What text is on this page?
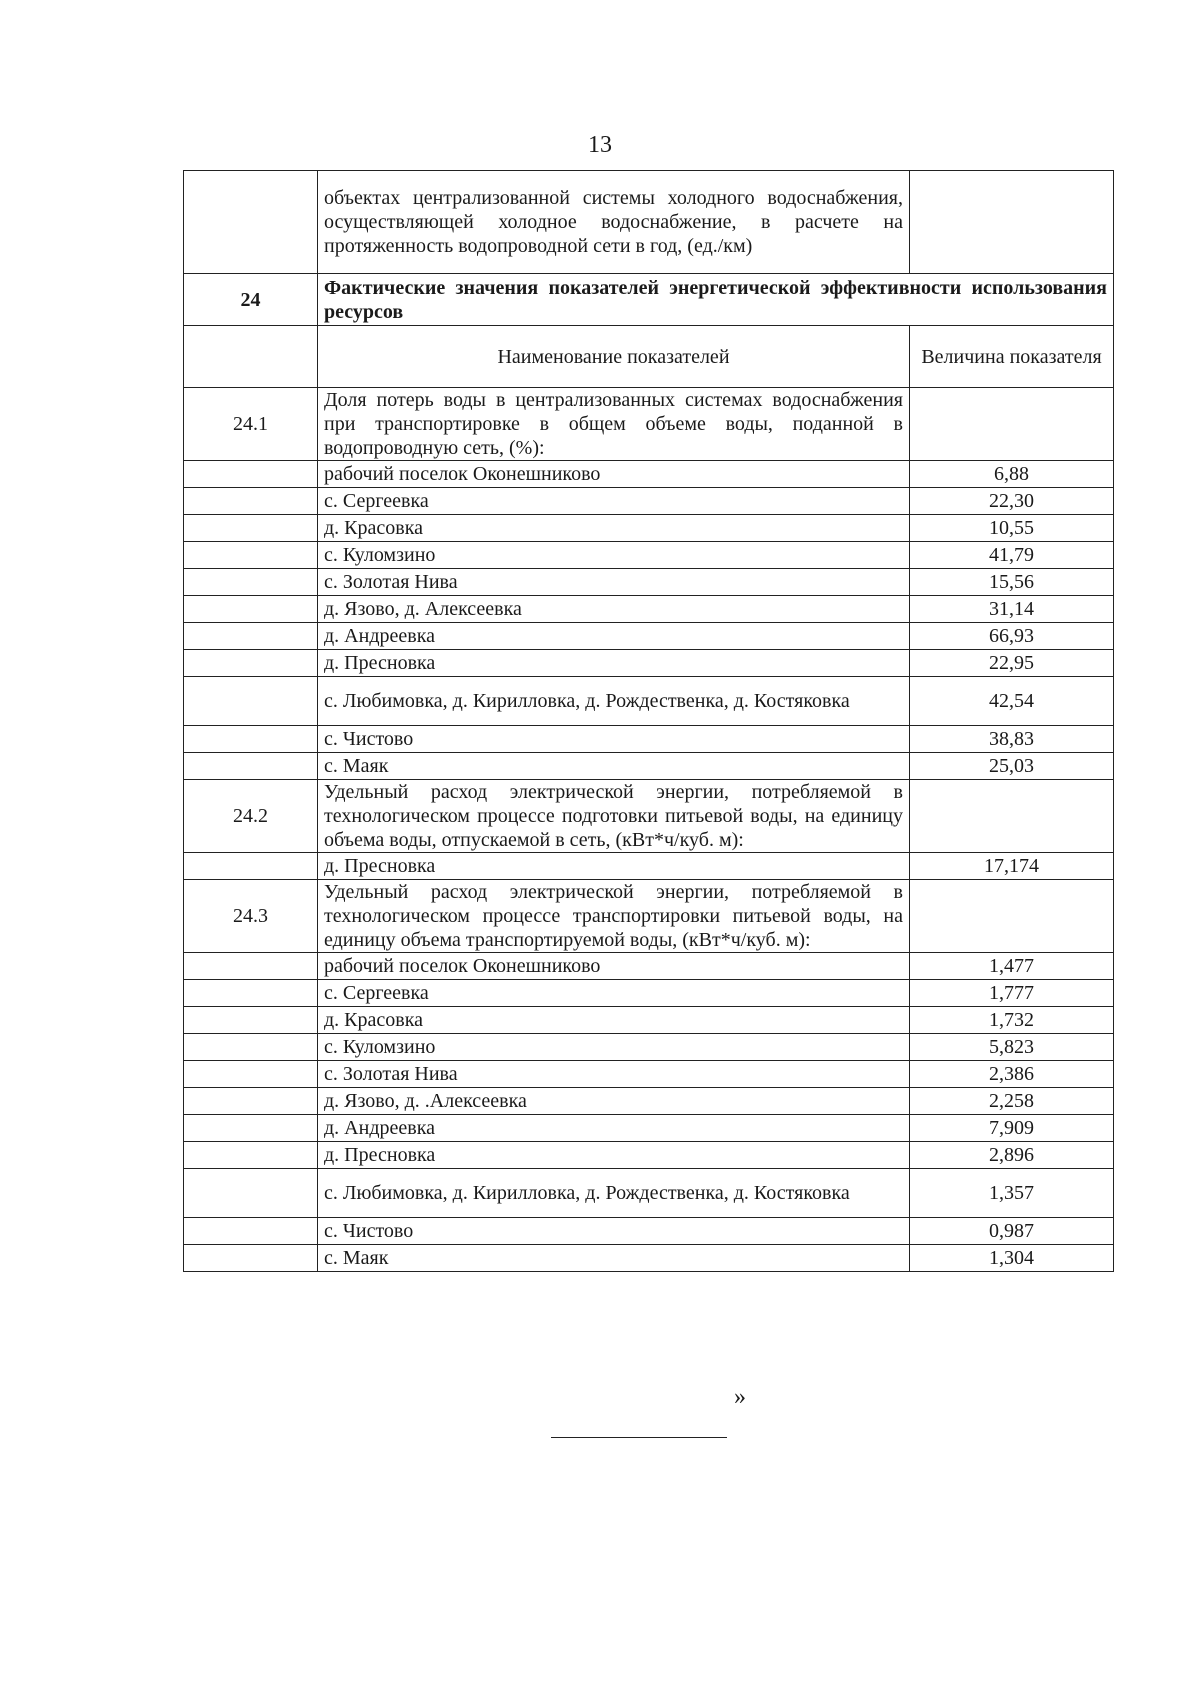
13
	объектах централизованной системы холодного водоснабжения, осуществляющей холодное водоснабжение, в расчете на протяженность водопроводной сети в год, (ед./км)	
24	Фактические значения показателей энергетической эффективности использования ресурсов	
	Наименование показателей	Величина показателя
24.1	Доля потерь воды в централизованных системах водоснабжения при транспортировке в общем объеме воды, поданной в водопроводную сеть, (%):	
	рабочий поселок Оконешниково	6,88
	с. Сергеевка	22,30
	д. Красовка	10,55
	с. Куломзино	41,79
	с. Золотая Нива	15,56
	д. Язово, д. Алексеевка	31,14
	д. Андреевка	66,93
	д. Пресновка	22,95
	с. Любимовка, д. Кирилловка, д. Рождественка, д. Костяковка	42,54
	с. Чистово	38,83
	с. Маяк	25,03
24.2	Удельный расход электрической энергии, потребляемой в технологическом процессе подготовки питьевой воды, на единицу объема воды, отпускаемой в сеть, (кВт*ч/куб. м):	
	д. Пресновка	17,174
24.3	Удельный расход электрической энергии, потребляемой в технологическом процессе транспортировки питьевой воды, на единицу объема транспортируемой воды, (кВт*ч/куб. м):	
	рабочий поселок Оконешниково	1,477
	с. Сергеевка	1,777
	д. Красовка	1,732
	с. Куломзино	5,823
	с. Золотая Нива	2,386
	д. Язово, д. .Алексеевка	2,258
	д. Андреевка	7,909
	д. Пресновка	2,896
	с. Любимовка, д. Кирилловка, д. Рождественка, д. Костяковка	1,357
	с. Чистово	0,987
	с. Маяк	1,304
»
